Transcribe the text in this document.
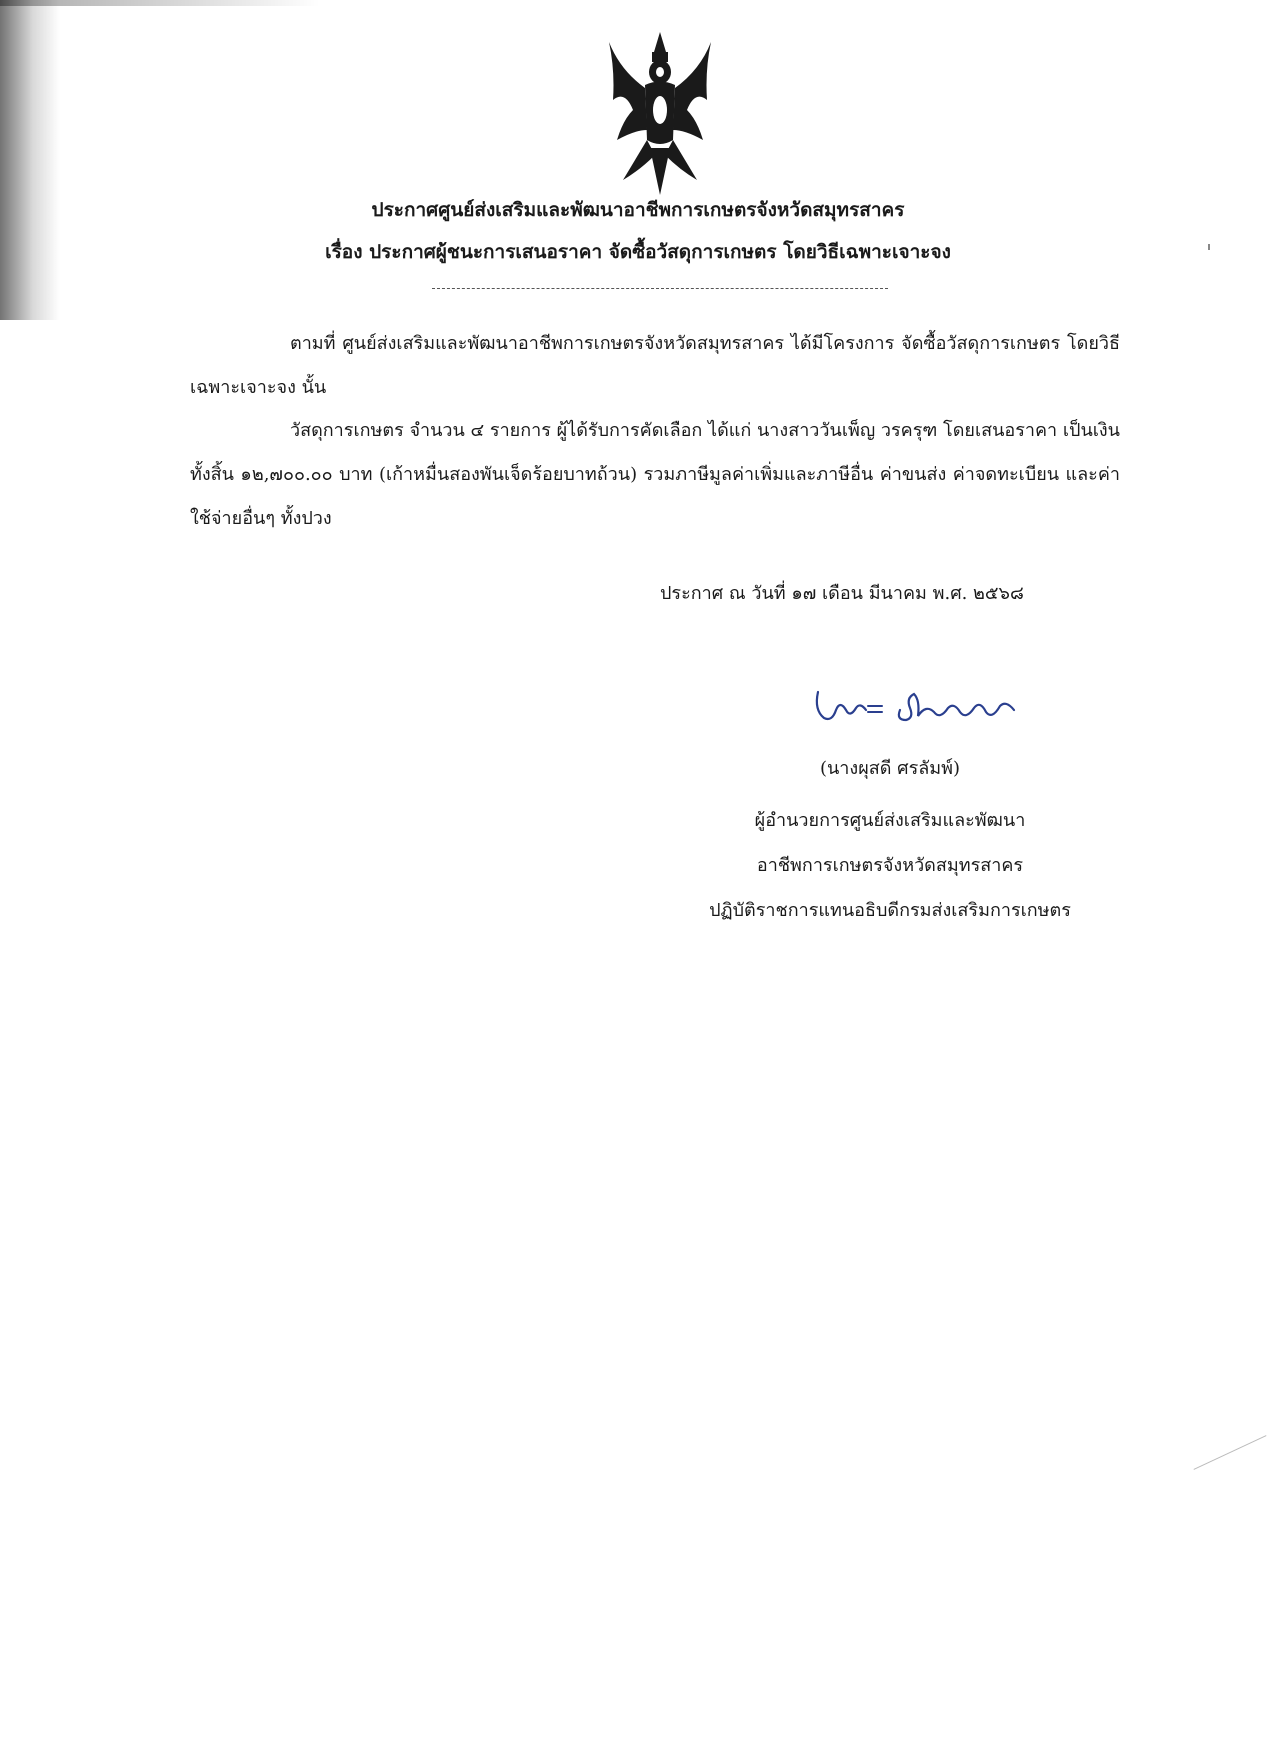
ประกาศศูนย์ส่งเสริมและพัฒนาอาชีพการเกษตรจังหวัดสมุทรสาคร
เรื่อง ประกาศผู้ชนะการเสนอราคา จัดซื้อวัสดุการเกษตร โดยวิธีเฉพาะเจาะจง
ตามที่ ศูนย์ส่งเสริมและพัฒนาอาชีพการเกษตรจังหวัดสมุทรสาคร ได้มีโครงการ จัดซื้อวัสดุการเกษตร โดยวิธีเฉพาะเจาะจง นั้น
วัสดุการเกษตร จำนวน ๔ รายการ ผู้ได้รับการคัดเลือก ได้แก่ นางสาววันเพ็ญ วรครุฑ โดยเสนอราคา เป็นเงินทั้งสิ้น ๑๒,๗๐๐.๐๐ บาท (เก้าหมื่นสองพันเจ็ดร้อยบาทถ้วน) รวมภาษีมูลค่าเพิ่มและภาษีอื่น ค่าขนส่ง ค่าจดทะเบียน และค่าใช้จ่ายอื่นๆ ทั้งปวง
ประกาศ ณ วันที่ ๑๗ เดือน มีนาคม พ.ศ. ๒๕๖๘
(นางผุสดี ศรลัมพ์)
ผู้อำนวยการศูนย์ส่งเสริมและพัฒนา
อาชีพการเกษตรจังหวัดสมุทรสาคร
ปฏิบัติราชการแทนอธิบดีกรมส่งเสริมการเกษตร
